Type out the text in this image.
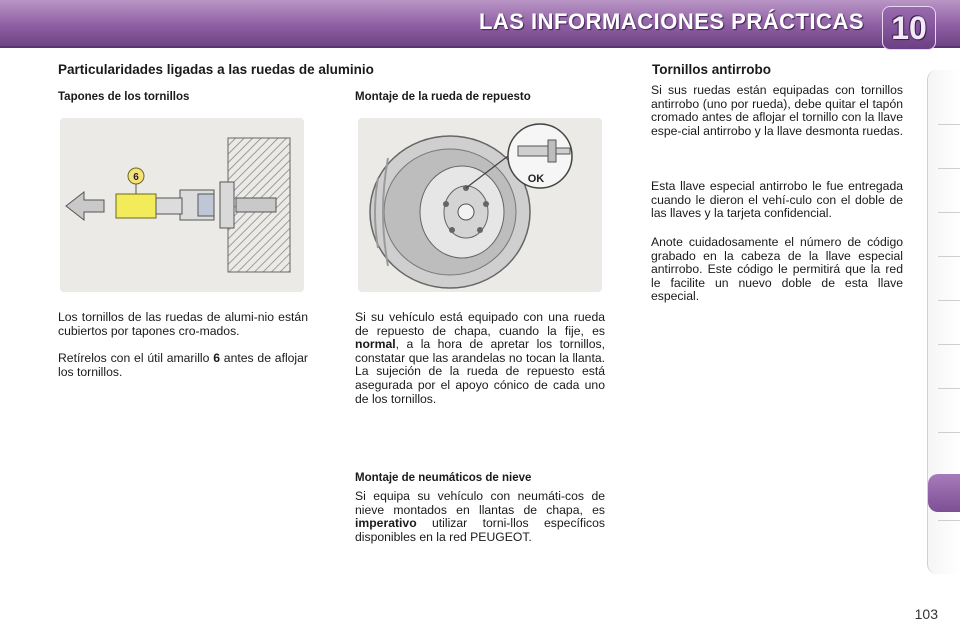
LAS INFORMACIONES PRÁCTICAS 10
Particularidades ligadas a las ruedas de aluminio
Tapones de los tornillos
6

Los tornillos de las ruedas de alumi-nio están cubiertos por tapones cro-mados.

Retírelos con el útil amarillo 6 antes de aflojar los tornillos.

Montaje de la rueda de repuesto
OK

Si su vehículo está equipado con una rueda de repuesto de chapa, cuando la fije, es normal, a la hora de apretar los tornillos, constatar que las arandelas no tocan la llanta. La sujeción de la rueda de repuesto está asegurada por el apoyo cónico de cada uno de los tornillos.

Montaje de neumáticos de nieve

Si equipa su vehículo con neumáti-cos de nieve montados en llantas de chapa, es imperativo utilizar torni-llos específicos disponibles en la red PEUGEOT.

Tornillos antirrobo

Si sus ruedas están equipadas con tornillos antirrobo (uno por rueda), debe quitar el tapón cromado antes de aflojar el tornillo con la llave espe-cial antirrobo y la llave desmonta ruedas.

Esta llave especial antirrobo le fue entregada cuando le dieron el vehí-culo con el doble de las llaves y la tarjeta confidencial.

Anote cuidadosamente el número de código grabado en la cabeza de la llave especial antirrobo. Este código le permitirá que la red le facilite un nuevo doble de esta llave especial.

103
